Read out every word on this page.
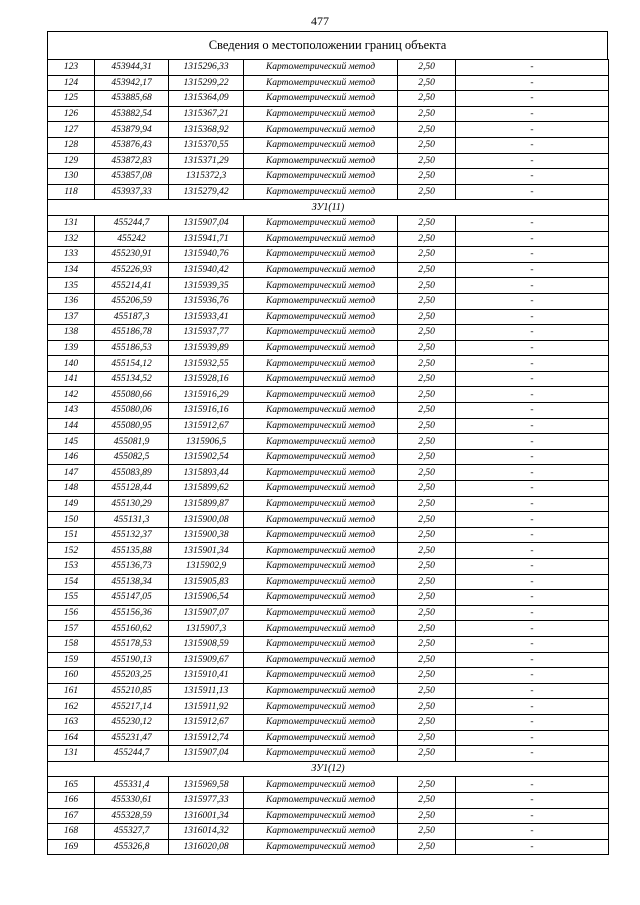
477
Сведения о местоположении границ объекта
123	453944,31	1315296,33	Картометрический метод	2,50	-
124	453942,17	1315299,22	Картометрический метод	2,50	-
125	453885,68	1315364,09	Картометрический метод	2,50	-
126	453882,54	1315367,21	Картометрический метод	2,50	-
127	453879,94	1315368,92	Картометрический метод	2,50	-
128	453876,43	1315370,55	Картометрический метод	2,50	-
129	453872,83	1315371,29	Картометрический метод	2,50	-
130	453857,08	1315372,3	Картометрический метод	2,50	-
118	453937,33	1315279,42	Картометрический метод	2,50	-
ЗУ1(11)					
131	455244,7	1315907,04	Картометрический метод	2,50	-
132	455242	1315941,71	Картометрический метод	2,50	-
133	455230,91	1315940,76	Картометрический метод	2,50	-
134	455226,93	1315940,42	Картометрический метод	2,50	-
135	455214,41	1315939,35	Картометрический метод	2,50	-
136	455206,59	1315936,76	Картометрический метод	2,50	-
137	455187,3	1315933,41	Картометрический метод	2,50	-
138	455186,78	1315937,77	Картометрический метод	2,50	-
139	455186,53	1315939,89	Картометрический метод	2,50	-
140	455154,12	1315932,55	Картометрический метод	2,50	-
141	455134,52	1315928,16	Картометрический метод	2,50	-
142	455080,66	1315916,29	Картометрический метод	2,50	-
143	455080,06	1315916,16	Картометрический метод	2,50	-
144	455080,95	1315912,67	Картометрический метод	2,50	-
145	455081,9	1315906,5	Картометрический метод	2,50	-
146	455082,5	1315902,54	Картометрический метод	2,50	-
147	455083,89	1315893,44	Картометрический метод	2,50	-
148	455128,44	1315899,62	Картометрический метод	2,50	-
149	455130,29	1315899,87	Картометрический метод	2,50	-
150	455131,3	1315900,08	Картометрический метод	2,50	-
151	455132,37	1315900,38	Картометрический метод	2,50	-
152	455135,88	1315901,34	Картометрический метод	2,50	-
153	455136,73	1315902,9	Картометрический метод	2,50	-
154	455138,34	1315905,83	Картометрический метод	2,50	-
155	455147,05	1315906,54	Картометрический метод	2,50	-
156	455156,36	1315907,07	Картометрический метод	2,50	-
157	455160,62	1315907,3	Картометрический метод	2,50	-
158	455178,53	1315908,59	Картометрический метод	2,50	-
159	455190,13	1315909,67	Картометрический метод	2,50	-
160	455203,25	1315910,41	Картометрический метод	2,50	-
161	455210,85	1315911,13	Картометрический метод	2,50	-
162	455217,14	1315911,92	Картометрический метод	2,50	-
163	455230,12	1315912,67	Картометрический метод	2,50	-
164	455231,47	1315912,74	Картометрический метод	2,50	-
131	455244,7	1315907,04	Картометрический метод	2,50	-
ЗУ1(12)					
165	455331,4	1315969,58	Картометрический метод	2,50	-
166	455330,61	1315977,33	Картометрический метод	2,50	-
167	455328,59	1316001,34	Картометрический метод	2,50	-
168	455327,7	1316014,32	Картометрический метод	2,50	-
169	455326,8	1316020,08	Картометрический метод	2,50	-
